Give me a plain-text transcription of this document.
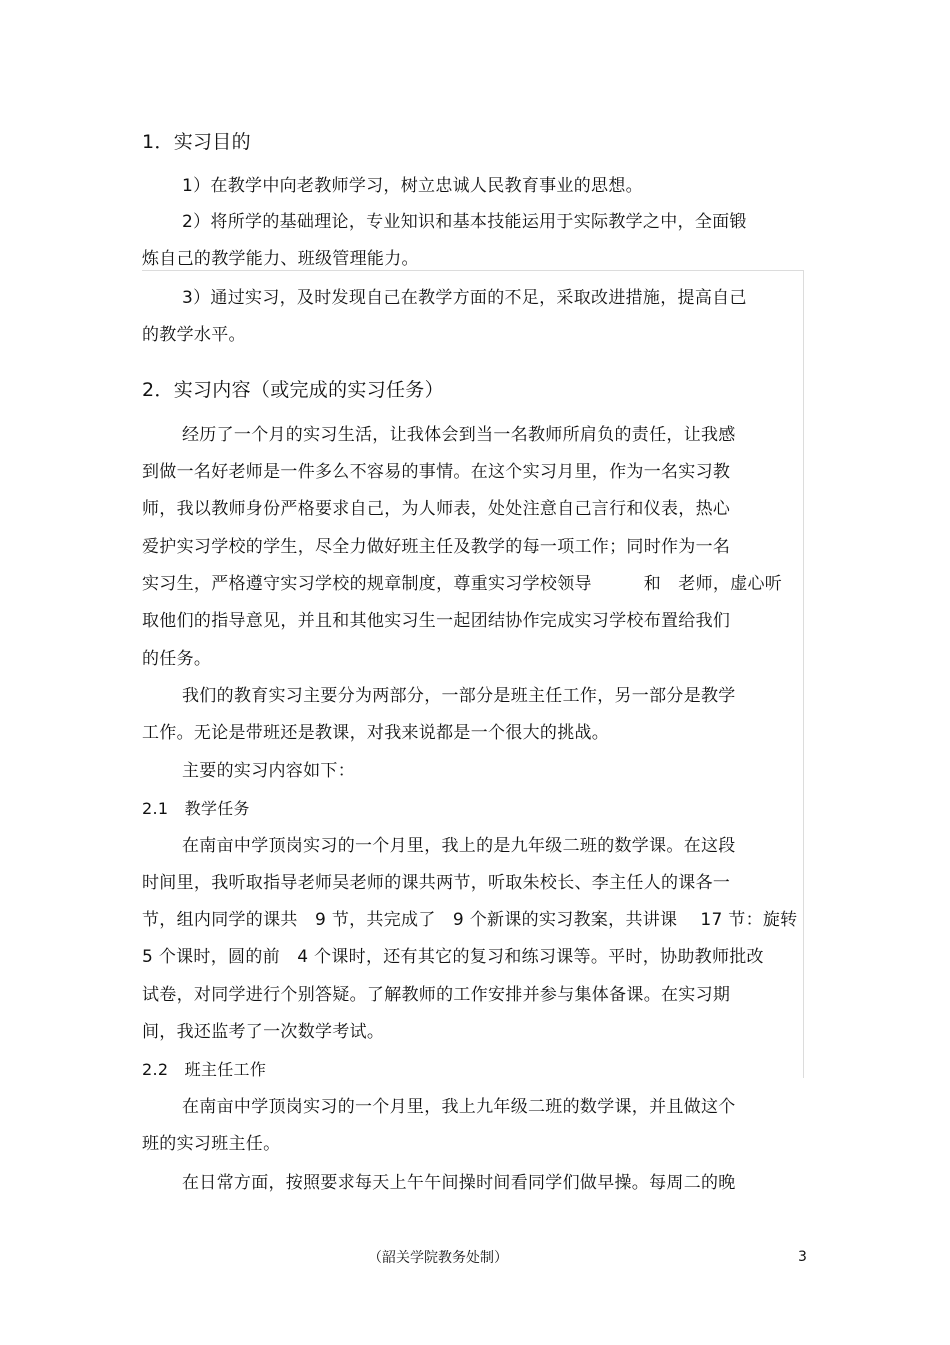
1．实习目的

1）在教学中向老教师学习，树立忠诚人民教育事业的思想。

2）将所学的基础理论，专业知识和基本技能运用于实际教学之中，全面锻

炼自己的教学能力、班级管理能力。

3）通过实习，及时发现自己在教学方面的不足，采取改进措施，提高自己

的教学水平。

2．实习内容（或完成的实习任务）

经历了一个月的实习生活，让我体会到当一名教师所肩负的责任，让我感

到做一名好老师是一件多么不容易的事情。在这个实习月里，作为一名实习教

师，我以教师身份严格要求自己，为人师表，处处注意自己言行和仪表，热心

爱护实习学校的学生，尽全力做好班主任及教学的每一项工作；同时作为一名

实习生，严格遵守实习学校的规章制度，尊重实习学校领导　　　和　老师，虚心听

取他们的指导意见，并且和其他实习生一起团结协作完成实习学校布置给我们

的任务。

我们的教育实习主要分为两部分，一部分是班主任工作，另一部分是教学

工作。无论是带班还是教课，对我来说都是一个很大的挑战。

主要的实习内容如下：

2.1　教学任务

在南亩中学顶岗实习的一个月里，我上的是九年级二班的数学课。在这段

时间里，我听取指导老师吴老师的课共两节，听取朱校长、李主任人的课各一

节，组内同学的课共　9 节，共完成了　9 个新课的实习教案，共讲课　 17 节：旋转

5 个课时，圆的前　4 个课时，还有其它的复习和练习课等。平时，协助教师批改

试卷，对同学进行个别答疑。了解教师的工作安排并参与集体备课。在实习期

间，我还监考了一次数学考试。

2.2　班主任工作

在南亩中学顶岗实习的一个月里，我上九年级二班的数学课，并且做这个

班的实习班主任。

在日常方面，按照要求每天上午午间操时间看同学们做早操。每周二的晚

（韶关学院教务处制）	3
